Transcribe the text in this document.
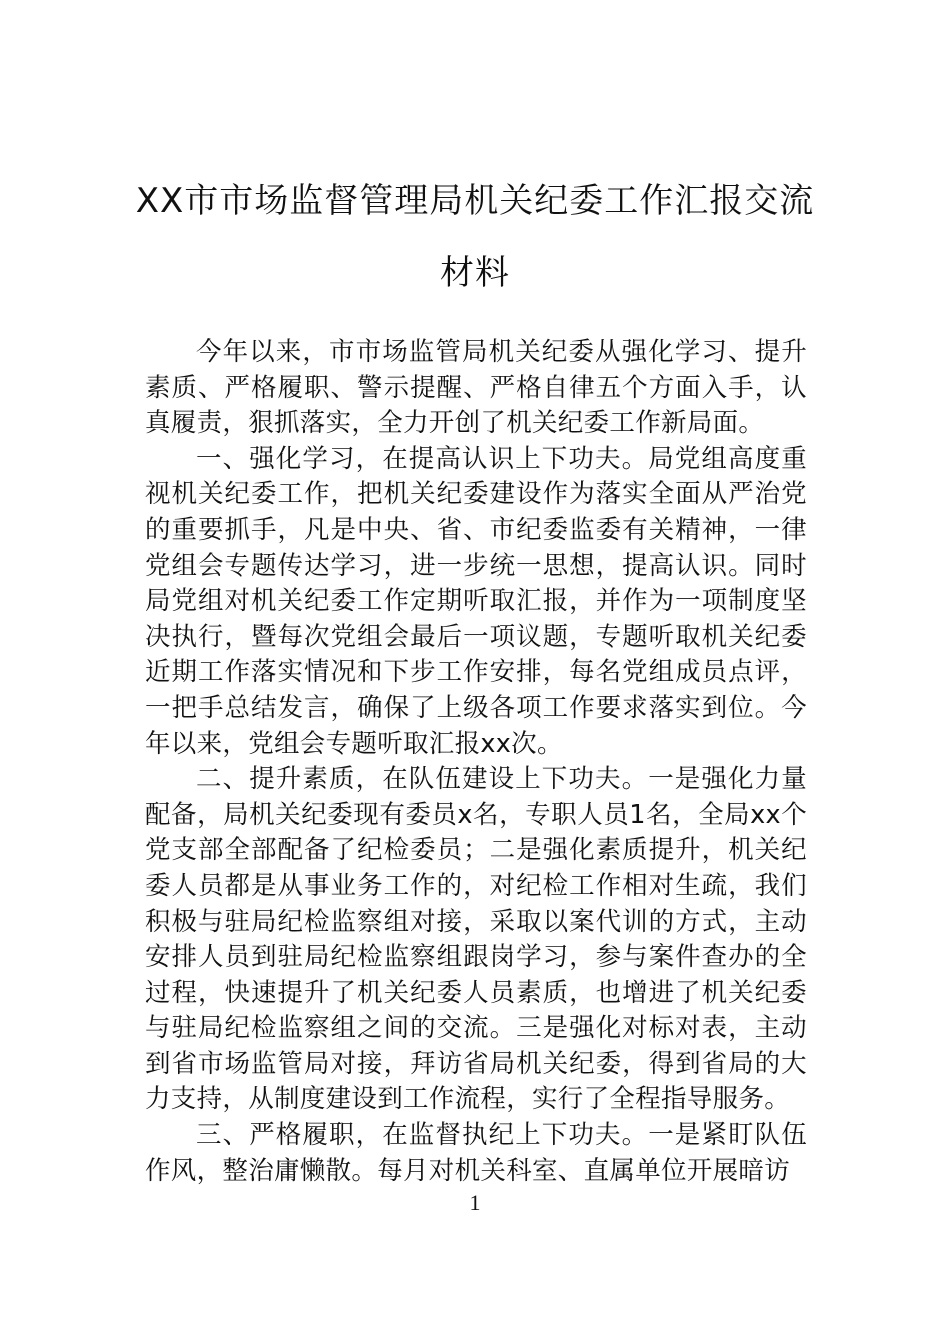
XX市市场监督管理局机关纪委工作汇报交流材料

今年以来，市市场监管局机关纪委从强化学习、提升素质、严格履职、警示提醒、严格自律五个方面入手，认真履责，狠抓落实，全力开创了机关纪委工作新局面。

一、强化学习，在提高认识上下功夫。局党组高度重视机关纪委工作，把机关纪委建设作为落实全面从严治党的重要抓手，凡是中央、省、市纪委监委有关精神，一律党组会专题传达学习，进一步统一思想，提高认识。同时局党组对机关纪委工作定期听取汇报，并作为一项制度坚决执行，暨每次党组会最后一项议题，专题听取机关纪委近期工作落实情况和下步工作安排，每名党组成员点评，一把手总结发言，确保了上级各项工作要求落实到位。今年以来，党组会专题听取汇报xx次。

二、提升素质，在队伍建设上下功夫。一是强化力量配备，局机关纪委现有委员x名，专职人员1名，全局xx个党支部全部配备了纪检委员；二是强化素质提升，机关纪委人员都是从事业务工作的，对纪检工作相对生疏，我们积极与驻局纪检监察组对接，采取以案代训的方式，主动安排人员到驻局纪检监察组跟岗学习，参与案件查办的全过程，快速提升了机关纪委人员素质，也增进了机关纪委与驻局纪检监察组之间的交流。三是强化对标对表，主动到省市场监管局对接，拜访省局机关纪委，得到省局的大力支持，从制度建设到工作流程，实行了全程指导服务。

三、严格履职，在监督执纪上下功夫。一是紧盯队伍作风，整治庸懒散。每月对机关科室、直属单位开展暗访

1
